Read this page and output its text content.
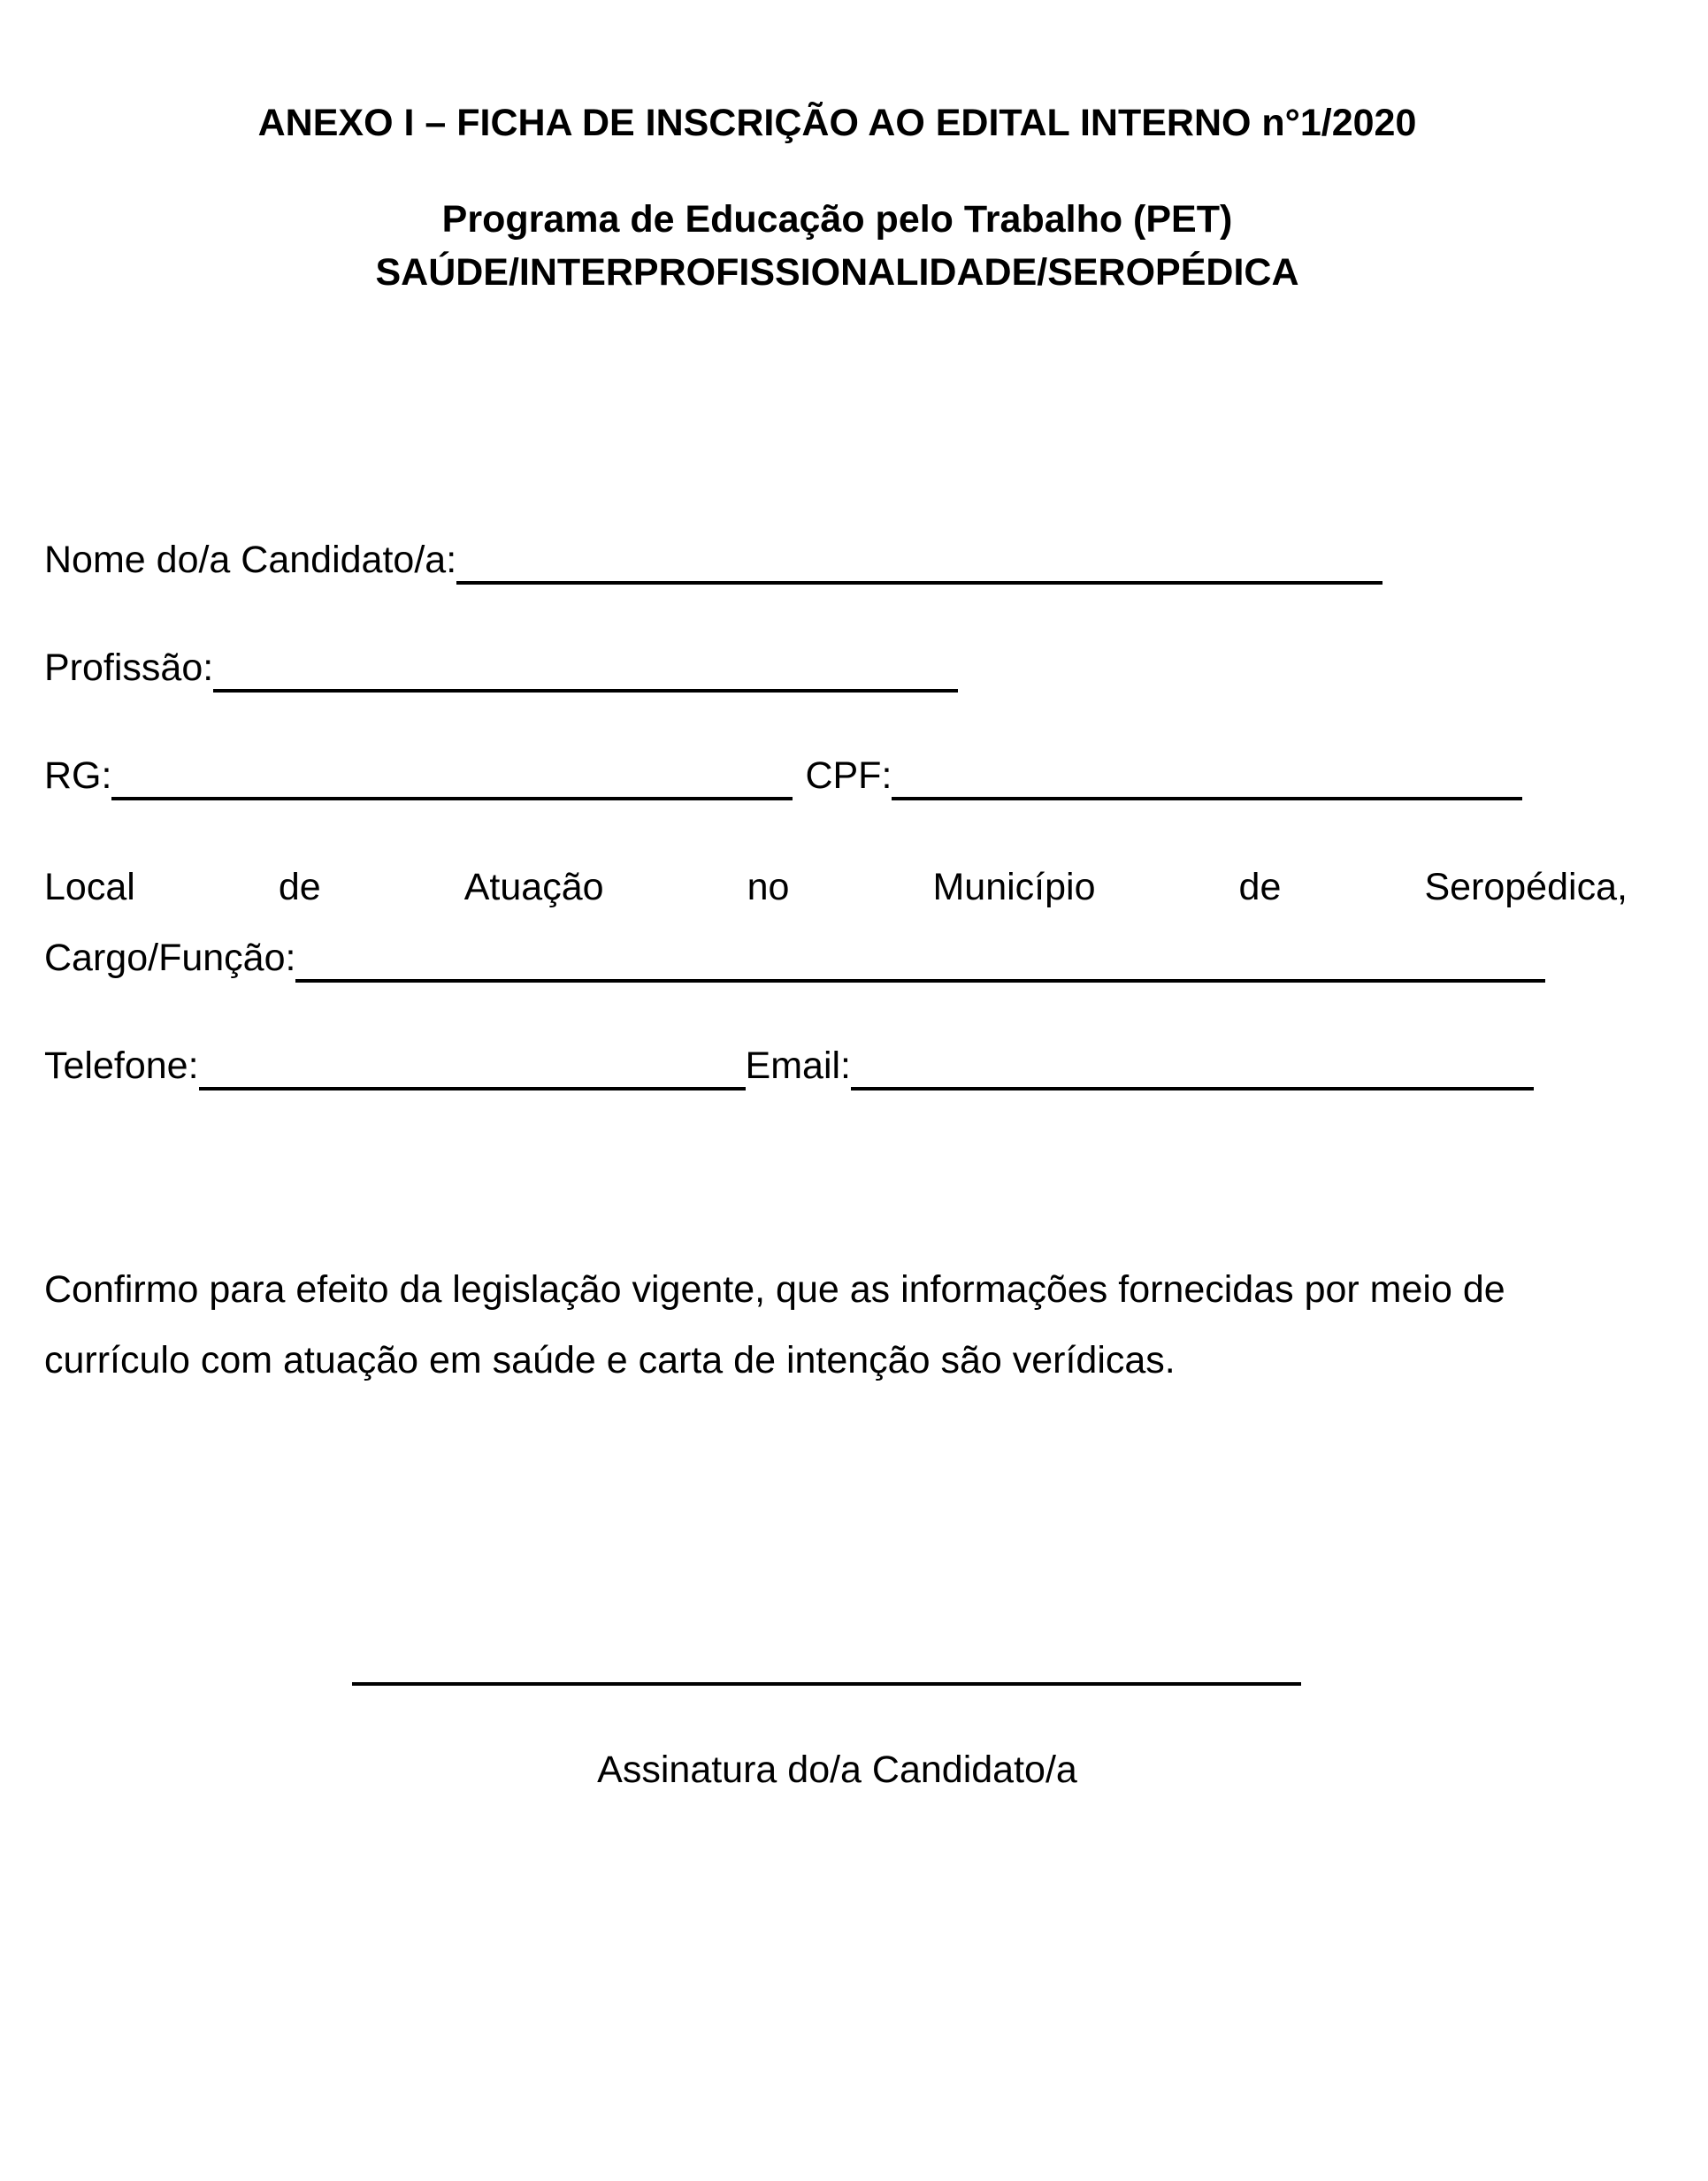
ANEXO I – FICHA DE INSCRIÇÃO AO EDITAL INTERNO n°1/2020
Programa de Educação pelo Trabalho (PET)
SAÚDE/INTERPROFISSIONALIDADE/SEROPÉDICA
Nome do/a Candidato/a:
Profissão:
RG:	CPF:
Local	de	Atuação	no	Município	de	Seropédica,
Cargo/Função:
Telefone:	Email:
Confirmo para efeito da legislação vigente, que as informações fornecidas por meio de currículo com atuação em saúde e carta de intenção são verídicas.
Assinatura do/a Candidato/a
